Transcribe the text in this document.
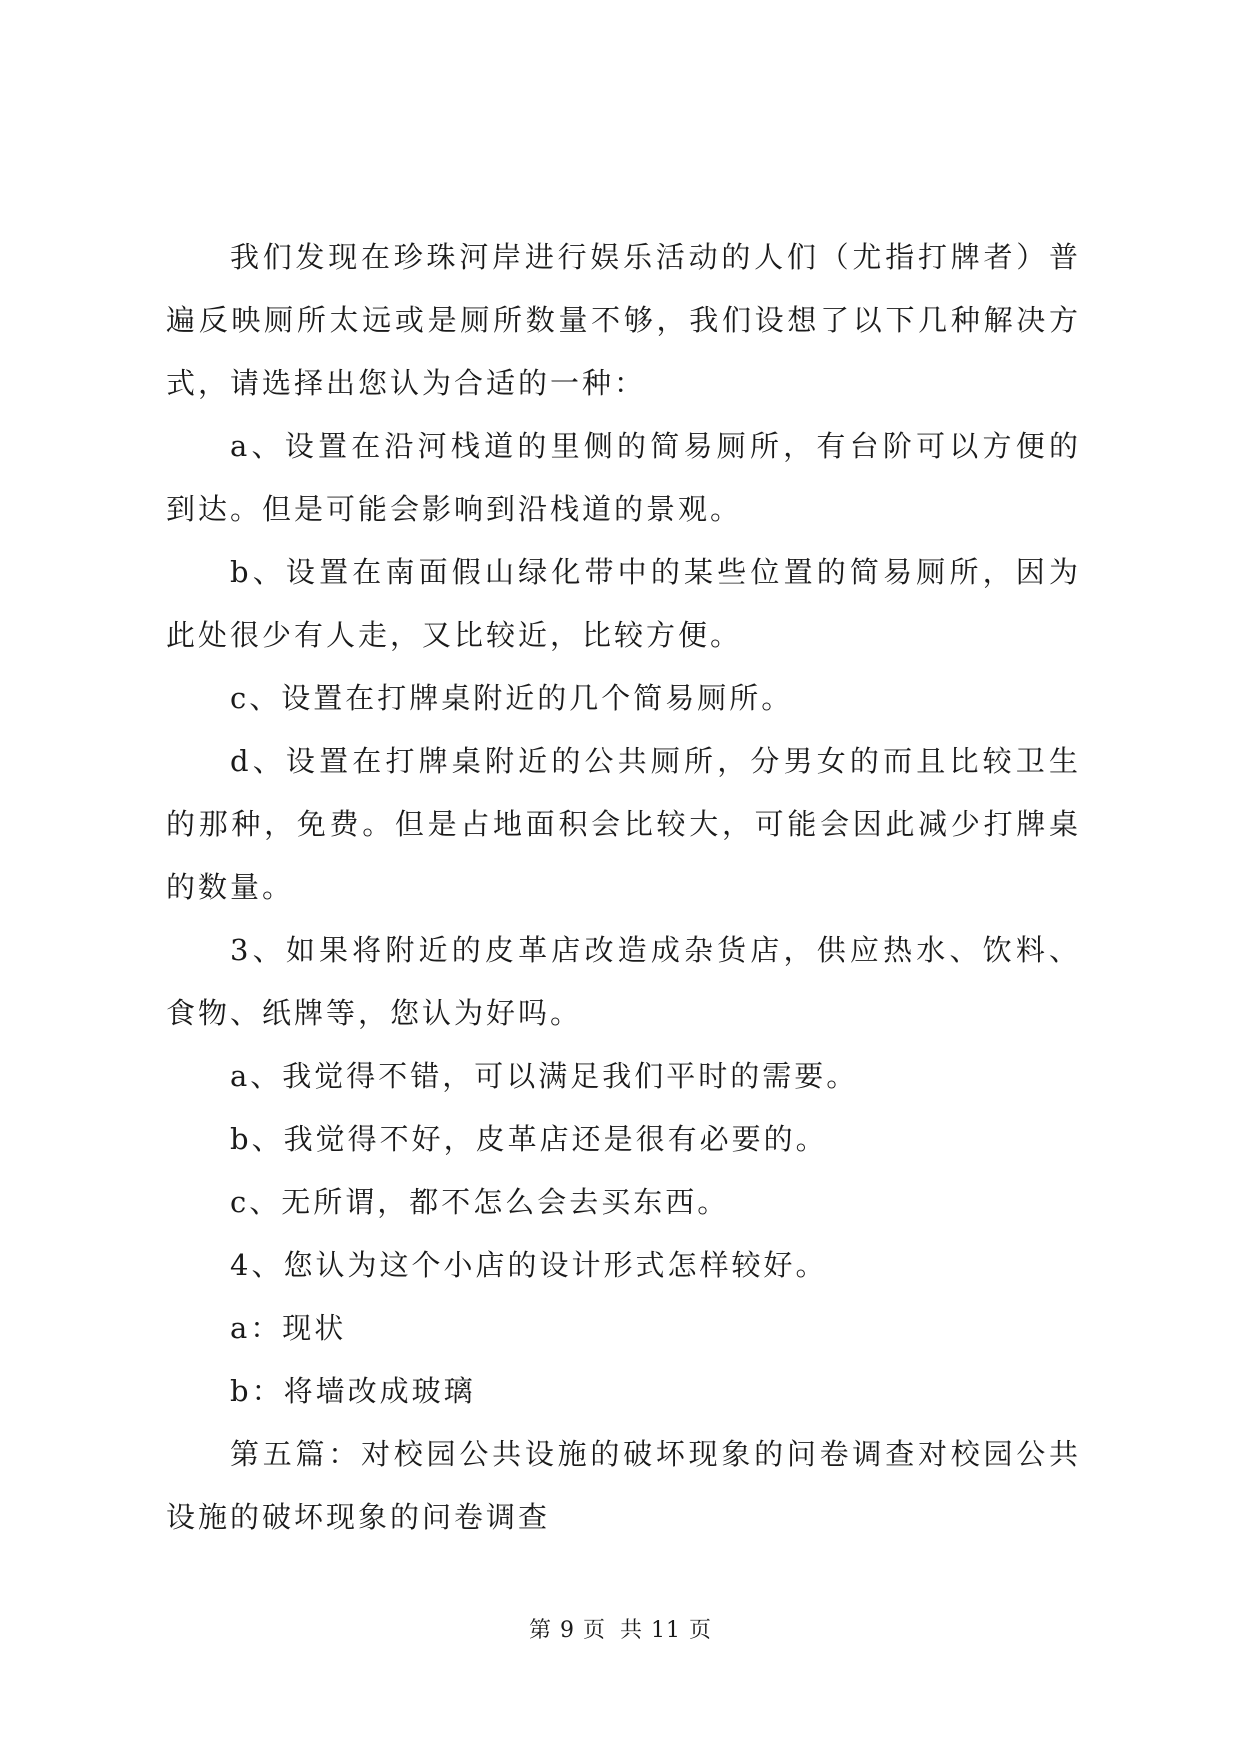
我们发现在珍珠河岸进行娱乐活动的人们（尤指打牌者）普遍反映厕所太远或是厕所数量不够，我们设想了以下几种解决方式，请选择出您认为合适的一种：

a、设置在沿河栈道的里侧的简易厕所，有台阶可以方便的到达。但是可能会影响到沿栈道的景观。

b、设置在南面假山绿化带中的某些位置的简易厕所，因为此处很少有人走，又比较近，比较方便。

c、设置在打牌桌附近的几个简易厕所。

d、设置在打牌桌附近的公共厕所，分男女的而且比较卫生的那种，免费。但是占地面积会比较大，可能会因此减少打牌桌的数量。

3、如果将附近的皮革店改造成杂货店，供应热水、饮料、食物、纸牌等，您认为好吗。

a、我觉得不错，可以满足我们平时的需要。

b、我觉得不好，皮革店还是很有必要的。

c、无所谓，都不怎么会去买东西。

4、您认为这个小店的设计形式怎样较好。

a：现状

b：将墙改成玻璃

第五篇：对校园公共设施的破坏现象的问卷调查对校园公共设施的破坏现象的问卷调查

第 9 页 共 11 页
